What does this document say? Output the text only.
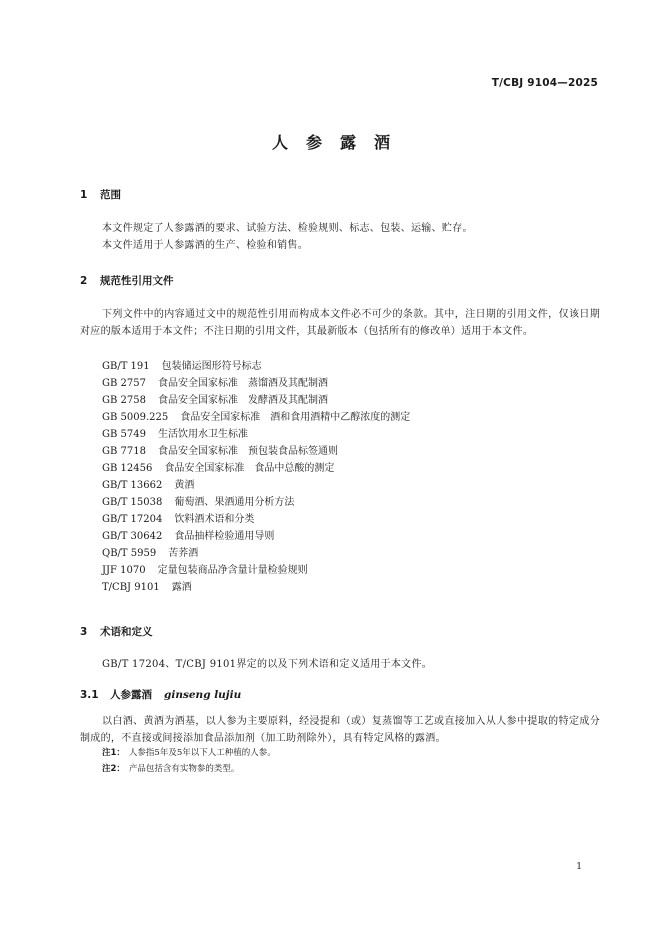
T/CBJ 9104—2025
人参露酒
1 范围
本文件规定了人参露酒的要求、试验方法、检验规则、标志、包装、运输、贮存。
本文件适用于人参露酒的生产、检验和销售。
2 规范性引用文件
下列文件中的内容通过文中的规范性引用而构成本文件必不可少的条款。其中，注日期的引用文件，仅该日期对应的版本适用于本文件；不注日期的引用文件，其最新版本（包括所有的修改单）适用于本文件。
GB/T 191 包装储运图形符号标志
GB 2757 食品安全国家标准　蒸馏酒及其配制酒
GB 2758 食品安全国家标准　发酵酒及其配制酒
GB 5009.225 食品安全国家标准　酒和食用酒精中乙醇浓度的测定
GB 5749 生活饮用水卫生标准
GB 7718 食品安全国家标准　预包装食品标签通则
GB 12456 食品安全国家标准　食品中总酸的测定
GB/T 13662 黄酒
GB/T 15038 葡萄酒、果酒通用分析方法
GB/T 17204 饮料酒术语和分类
GB/T 30642 食品抽样检验通用导则
QB/T 5959 苦荞酒
JJF 1070 定量包装商品净含量计量检验规则
T/CBJ 9101 露酒
3 术语和定义
GB/T 17204、T/CBJ 9101界定的以及下列术语和定义适用于本文件。
3.1 人参露酒 ginseng lujiu
以白酒、黄酒为酒基，以人参为主要原料，经浸提和（或）复蒸馏等工艺或直接加入从人参中提取的特定成分制成的，不直接或间接添加食品添加剂（加工助剂除外），具有特定风格的露酒。
注1： 人参指5年及5年以下人工种植的人参。
注2： 产品包括含有实物参的类型。
1
